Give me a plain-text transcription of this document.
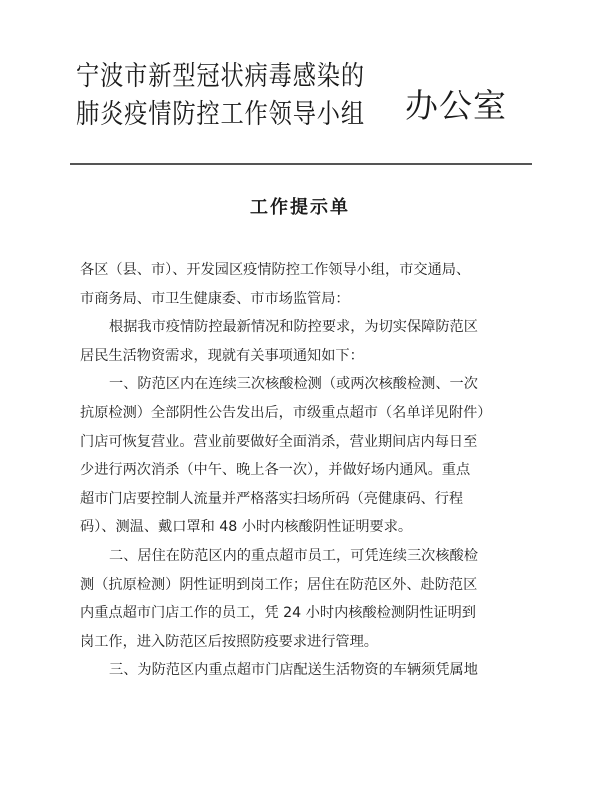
宁波市新型冠状病毒感染的
肺炎疫情防控工作领导小组 办公室
工作提示单
各区（县、市）、开发园区疫情防控工作领导小组，市交通局、
市商务局、市卫生健康委、市市场监管局：
根据我市疫情防控最新情况和防控要求，为切实保障防范区
居民生活物资需求，现就有关事项通知如下：
一、防范区内在连续三次核酸检测（或两次核酸检测、一次
抗原检测）全部阴性公告发出后，市级重点超市（名单详见附件）
门店可恢复营业。营业前要做好全面消杀，营业期间店内每日至
少进行两次消杀（中午、晚上各一次），并做好场内通风。重点
超市门店要控制人流量并严格落实扫场所码（亮健康码、行程
码）、测温、戴口罩和 48 小时内核酸阴性证明要求。
二、居住在防范区内的重点超市员工，可凭连续三次核酸检
测（抗原检测）阴性证明到岗工作；居住在防范区外、赴防范区
内重点超市门店工作的员工，凭 24 小时内核酸检测阴性证明到
岗工作，进入防范区后按照防疫要求进行管理。
三、为防范区内重点超市门店配送生活物资的车辆须凭属地
